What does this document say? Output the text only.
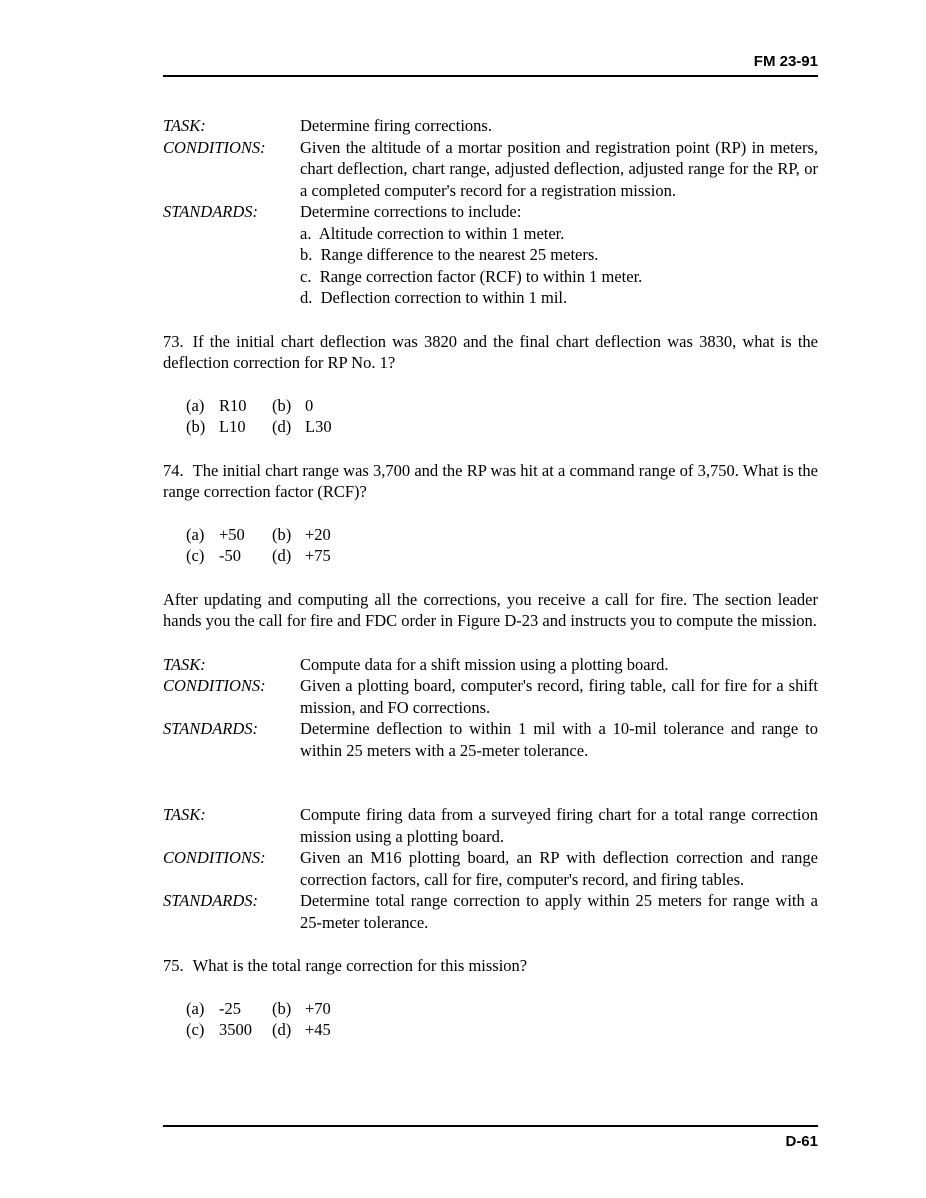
FM 23-91
TASK:	Determine firing corrections.
CONDITIONS:	Given the altitude of a mortar position and registration point (RP) in meters, chart deflection, chart range, adjusted deflection, adjusted range for the RP, or a completed computer's record for a registration mission.
STANDARDS:	Determine corrections to include:
a.  Altitude correction to within 1 meter.
b.  Range difference to the nearest 25 meters.
c.  Range correction factor (RCF) to within 1 meter.
d.  Deflection correction to within 1 mil.

73. If the initial chart deflection was 3820 and the final chart deflection was 3830, what is the deflection correction for RP No. 1?

(a) R10	(b) 0
(b) L10	(d) L30

74. The initial chart range was 3,700 and the RP was hit at a command range of 3,750. What is the range correction factor (RCF)?

(a) +50	(b) +20
(c) -50	(d) +75

After updating and computing all the corrections, you receive a call for fire. The section leader hands you the call for fire and FDC order in Figure D-23 and instructs you to compute the mission.

TASK:	Compute data for a shift mission using a plotting board.
CONDITIONS:	Given a plotting board, computer's record, firing table, call for fire for a shift mission, and FO corrections.
STANDARDS:	Determine deflection to within 1 mil with a 10-mil tolerance and range to within 25 meters with a 25-meter tolerance.
TASK:	Compute firing data from a surveyed firing chart for a total range correction mission using a plotting board.
CONDITIONS:	Given an M16 plotting board, an RP with deflection correction and range correction factors, call for fire, computer's record, and firing tables.
STANDARDS:	Determine total range correction to apply within 25 meters for range with a 25-meter tolerance.

75. What is the total range correction for this mission?

(a) -25	(b) +70
(c) 3500	(d) +45
D-61
